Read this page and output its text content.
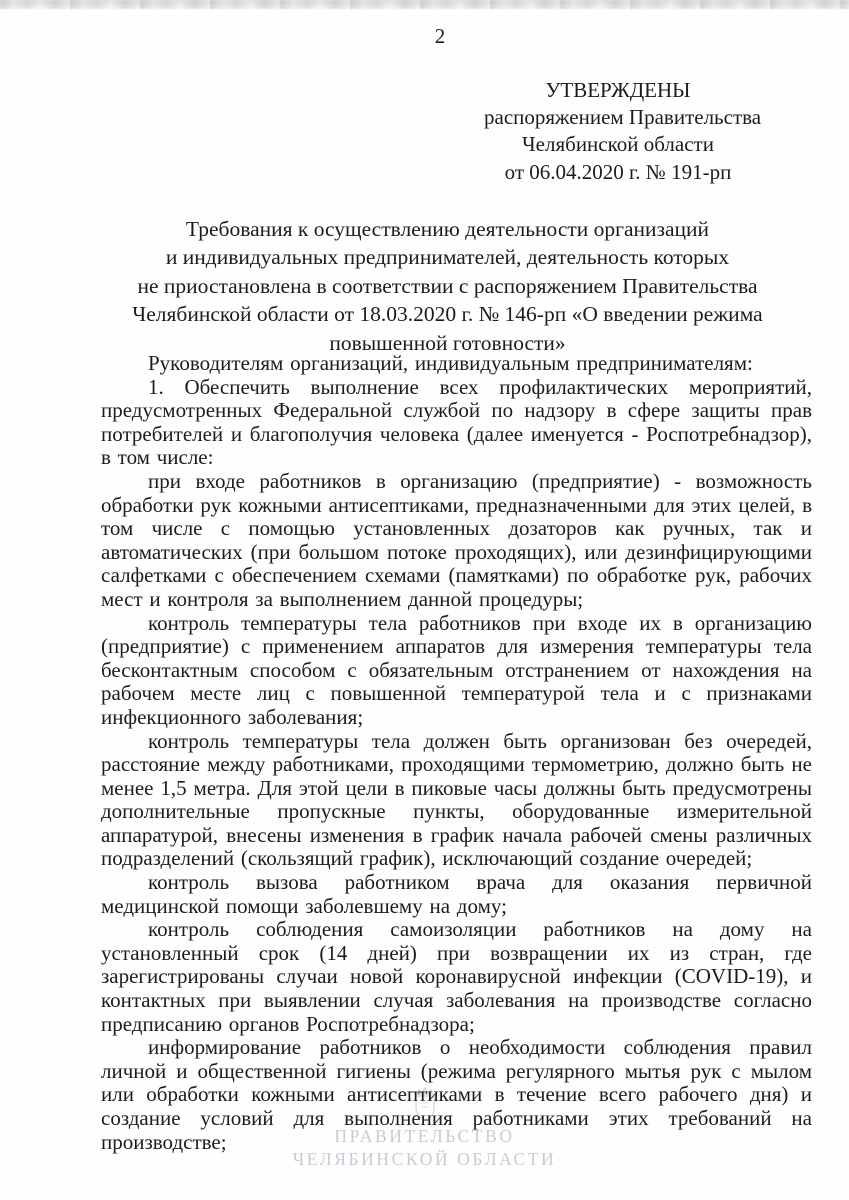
2
УТВЕРЖДЕНЫ
распоряжением Правительства
Челябинской области
от 06.04.2020 г. № 191-рп
Требования к осуществлению деятельности организаций
и индивидуальных предпринимателей, деятельность которых
не приостановлена в соответствии с распоряжением Правительства
Челябинской области от 18.03.2020 г. № 146-рп «О введении режима
повышенной готовности»

Руководителям организаций, индивидуальным предпринимателям:

1. Обеспечить выполнение всех профилактических мероприятий, предусмотренных Федеральной службой по надзору в сфере защиты прав потребителей и благополучия человека (далее именуется - Роспотребнадзор), в том числе:

при входе работников в организацию (предприятие) - возможность обработки рук кожными антисептиками, предназначенными для этих целей, в том числе с помощью установленных дозаторов как ручных, так и автоматических (при большом потоке проходящих), или дезинфицирующими салфетками с обеспечением схемами (памятками) по обработке рук, рабочих мест и контроля за выполнением данной процедуры;

контроль температуры тела работников при входе их в организацию (предприятие) с применением аппаратов для измерения температуры тела бесконтактным способом с обязательным отстранением от нахождения на рабочем месте лиц с повышенной температурой тела и с признаками инфекционного заболевания;

контроль температуры тела должен быть организован без очередей, расстояние между работниками, проходящими термометрию, должно быть не менее 1,5 метра. Для этой цели в пиковые часы должны быть предусмотрены дополнительные пропускные пункты, оборудованные измерительной аппаратурой, внесены изменения в график начала рабочей смены различных подразделений (скользящий график), исключающий создание очередей;

контроль вызова работником врача для оказания первичной медицинской помощи заболевшему на дому;

контроль соблюдения самоизоляции работников на дому на установленный срок (14 дней) при возвращении их из стран, где зарегистрированы случаи новой коронавирусной инфекции (COVID-19), и контактных при выявлении случая заболевания на производстве согласно предписанию органов Роспотребнадзора;

информирование работников о необходимости соблюдения правил личной и общественной гигиены (режима регулярного мытья рук с мылом или обработки кожными антисептиками в течение всего рабочего дня) и создание условий для выполнения работниками этих требований на производстве;	ПРАВИТЕЛЬСТВО
ЧЕЛЯБИНСКОЙ ОБЛАСТИ
